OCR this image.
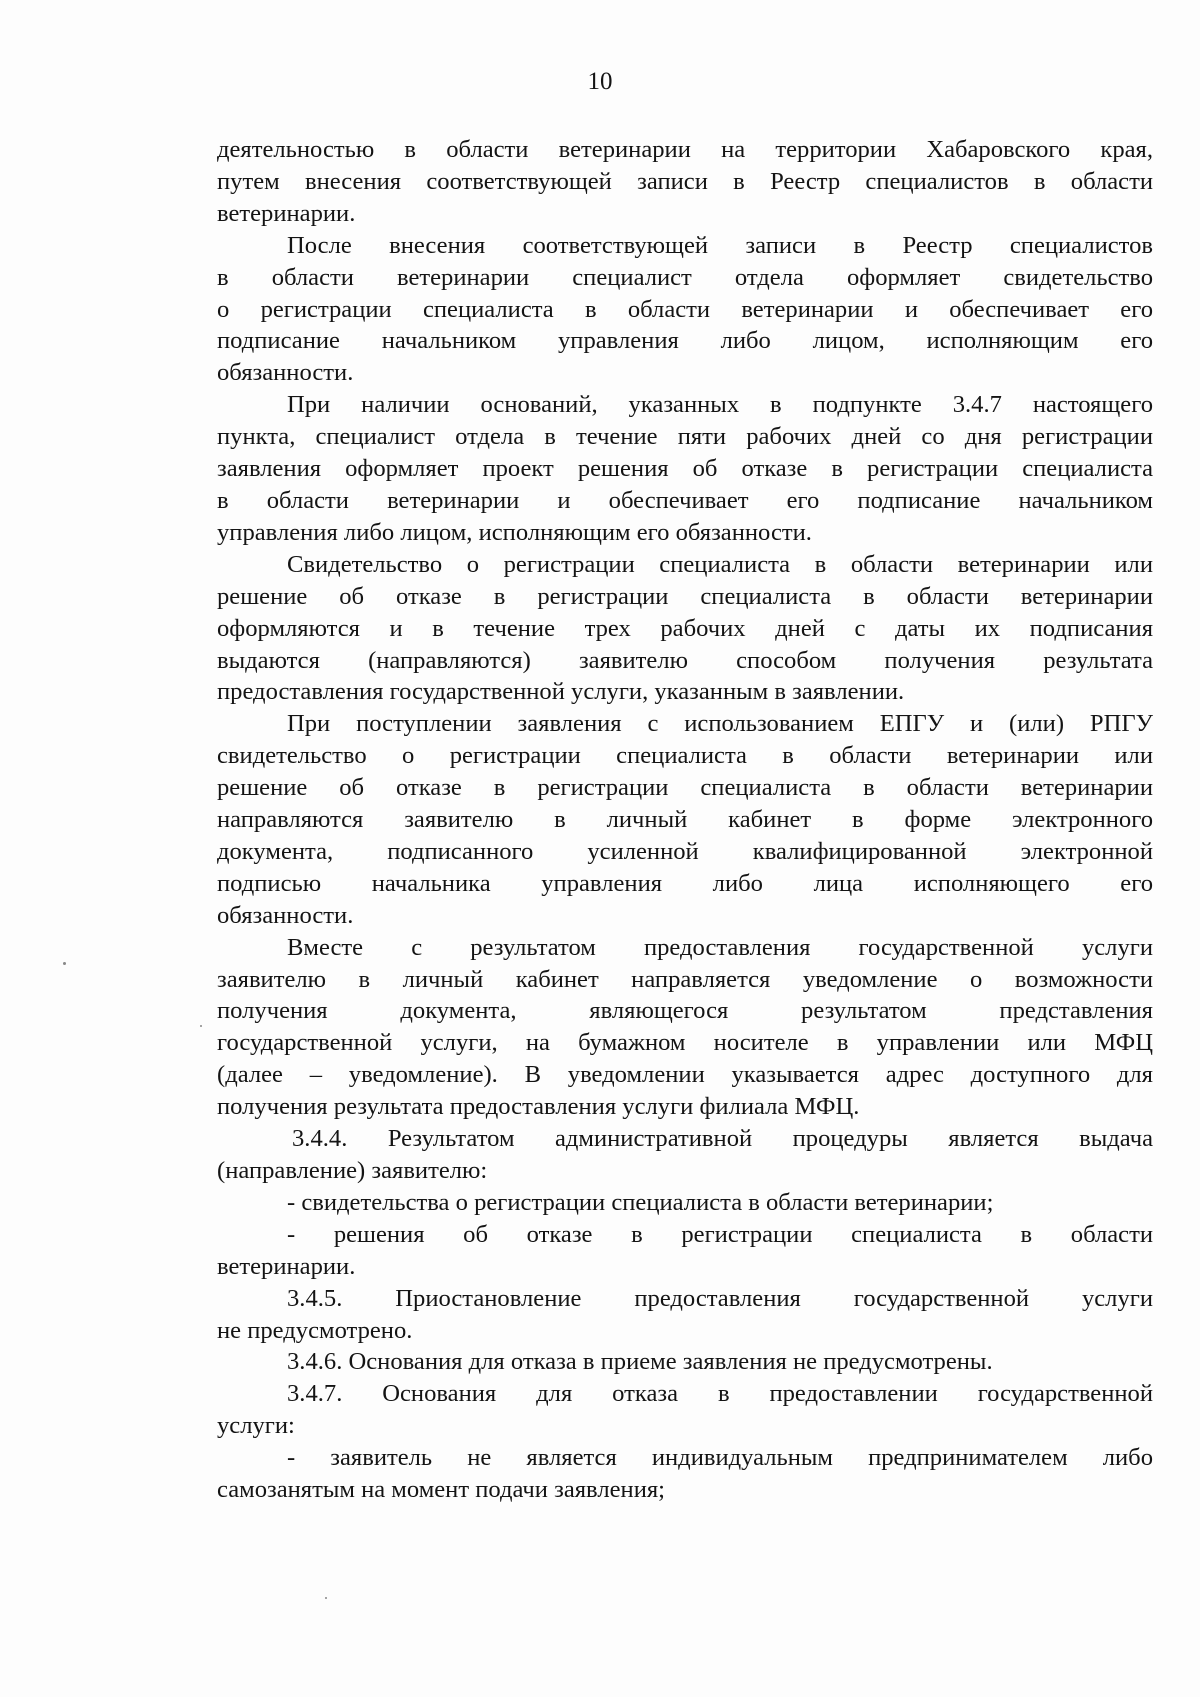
10

деятельностью в области ветеринарии на территории Хабаровского края,
путем внесения соответствующей записи в Реестр специалистов в области
ветеринарии.

После внесения соответствующей записи в Реестр специалистов
в области ветеринарии специалист отдела оформляет свидетельство
о регистрации специалиста в области ветеринарии и обеспечивает его
подписание начальником управления либо лицом, исполняющим его
обязанности.

При наличии оснований, указанных в подпункте 3.4.7 настоящего
пункта, специалист отдела в течение пяти рабочих дней со дня регистрации
заявления оформляет проект решения об отказе в регистрации специалиста
в области ветеринарии и обеспечивает его подписание начальником
управления либо лицом, исполняющим его обязанности.

Свидетельство о регистрации специалиста в области ветеринарии или
решение об отказе в регистрации специалиста в области ветеринарии
оформляются и в течение трех рабочих дней с даты их подписания
выдаются (направляются) заявителю способом получения результата
предоставления государственной услуги, указанным в заявлении.

При поступлении заявления с использованием ЕПГУ и (или) РПГУ
свидетельство о регистрации специалиста в области ветеринарии или
решение об отказе в регистрации специалиста в области ветеринарии
направляются заявителю в личный кабинет в форме электронного
документа, подписанного усиленной квалифицированной электронной
подписью начальника управления либо лица исполняющего его
обязанности.

Вместе с результатом предоставления государственной услуги
заявителю в личный кабинет направляется уведомление о возможности
получения документа, являющегося результатом представления
государственной услуги, на бумажном носителе в управлении или МФЦ
(далее – уведомление). В уведомлении указывается адрес доступного для
получения результата предоставления услуги филиала МФЦ.

3.4.4. Результатом административной процедуры является выдача
(направление) заявителю:

- свидетельства о регистрации специалиста в области ветеринарии;

- решения об отказе в регистрации специалиста в области
ветеринарии.

3.4.5. Приостановление предоставления государственной услуги
не предусмотрено.

3.4.6. Основания для отказа в приеме заявления не предусмотрены.

3.4.7. Основания для отказа в предоставлении государственной
услуги:

- заявитель не является индивидуальным предпринимателем либо
самозанятым на момент подачи заявления;
